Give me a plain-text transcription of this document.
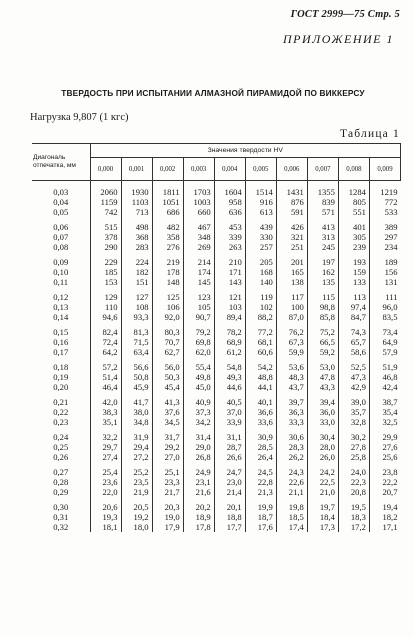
ГОСТ 2999—75 Стр. 5
ПРИЛОЖЕНИЕ 1
ТВЕРДОСТЬ ПРИ ИСПЫТАНИИ АЛМАЗНОЙ ПИРАМИДОЙ ПО ВИККЕРСУ
Нагрузка 9,807 (1 кгс)
Таблица 1
Диагональ
отпечатка, мм	Значения твердости HV									
	0,000	0,001	0,002	0,003	0,004	0,005	0,006	0,007	0,008	0,009
0,03	2060	1930	1811	1703	1604	1514	1431	1355	1284	1219
0,04	1159	1103	1051	1003	958	916	876	839	805	772
0,05	742	713	686	660	636	613	591	571	551	533
0,06	515	498	482	467	453	439	426	413	401	389
0,07	378	368	358	348	339	330	321	313	305	297
0,08	290	283	276	269	263	257	251	245	239	234
0,09	229	224	219	214	210	205	201	197	193	189
0,10	185	182	178	174	171	168	165	162	159	156
0,11	153	151	148	145	143	140	138	135	133	131
0,12	129	127	125	123	121	119	117	115	113	111
0,13	110	108	106	105	103	102	100	98,8	97,4	96,0
0,14	94,6	93,3	92,0	90,7	89,4	88,2	87,0	85,8	84,7	83,5
0,15	82,4	81,3	80,3	79,2	78,2	77,2	76,2	75,2	74,3	73,4
0,16	72,4	71,5	70,7	69,8	68,9	68,1	67,3	66,5	65,7	64,9
0,17	64,2	63,4	62,7	62,0	61,2	60,6	59,9	59,2	58,6	57,9
0,18	57,2	56,6	56,0	55,4	54,8	54,2	53,6	53,0	52,5	51,9
0,19	51,4	50,8	50,3	49,8	49,3	48,8	48,3	47,8	47,3	46,8
0,20	46,4	45,9	45,4	45,0	44,6	44,1	43,7	43,3	42,9	42,4
0,21	42,0	41,7	41,3	40,9	40,5	40,1	39,7	39,4	39,0	38,7
0,22	38,3	38,0	37,6	37,3	37,0	36,6	36,3	36,0	35,7	35,4
0,23	35,1	34,8	34,5	34,2	33,9	33,6	33,3	33,0	32,8	32,5
0,24	32,2	31,9	31,7	31,4	31,1	30,9	30,6	30,4	30,2	29,9
0,25	29,7	29,4	29,2	29,0	28,7	28,5	28,3	28,0	27,8	27,6
0,26	27,4	27,2	27,0	26,8	26,6	26,4	26,2	26,0	25,8	25,6
0,27	25,4	25,2	25,1	24,9	24,7	24,5	24,3	24,2	24,0	23,8
0,28	23,6	23,5	23,3	23,1	23,0	22,8	22,6	22,5	22,3	22,2
0,29	22,0	21,9	21,7	21,6	21,4	21,3	21,1	21,0	20,8	20,7
0,30	20,6	20,5	20,3	20,2	20,1	19,9	19,8	19,7	19,5	19,4
0,31	19,3	19,2	19,0	18,9	18,8	18,7	18,5	18,4	18,3	18,2
0,32	18,1	18,0	17,9	17,8	17,7	17,6	17,4	17,3	17,2	17,1
